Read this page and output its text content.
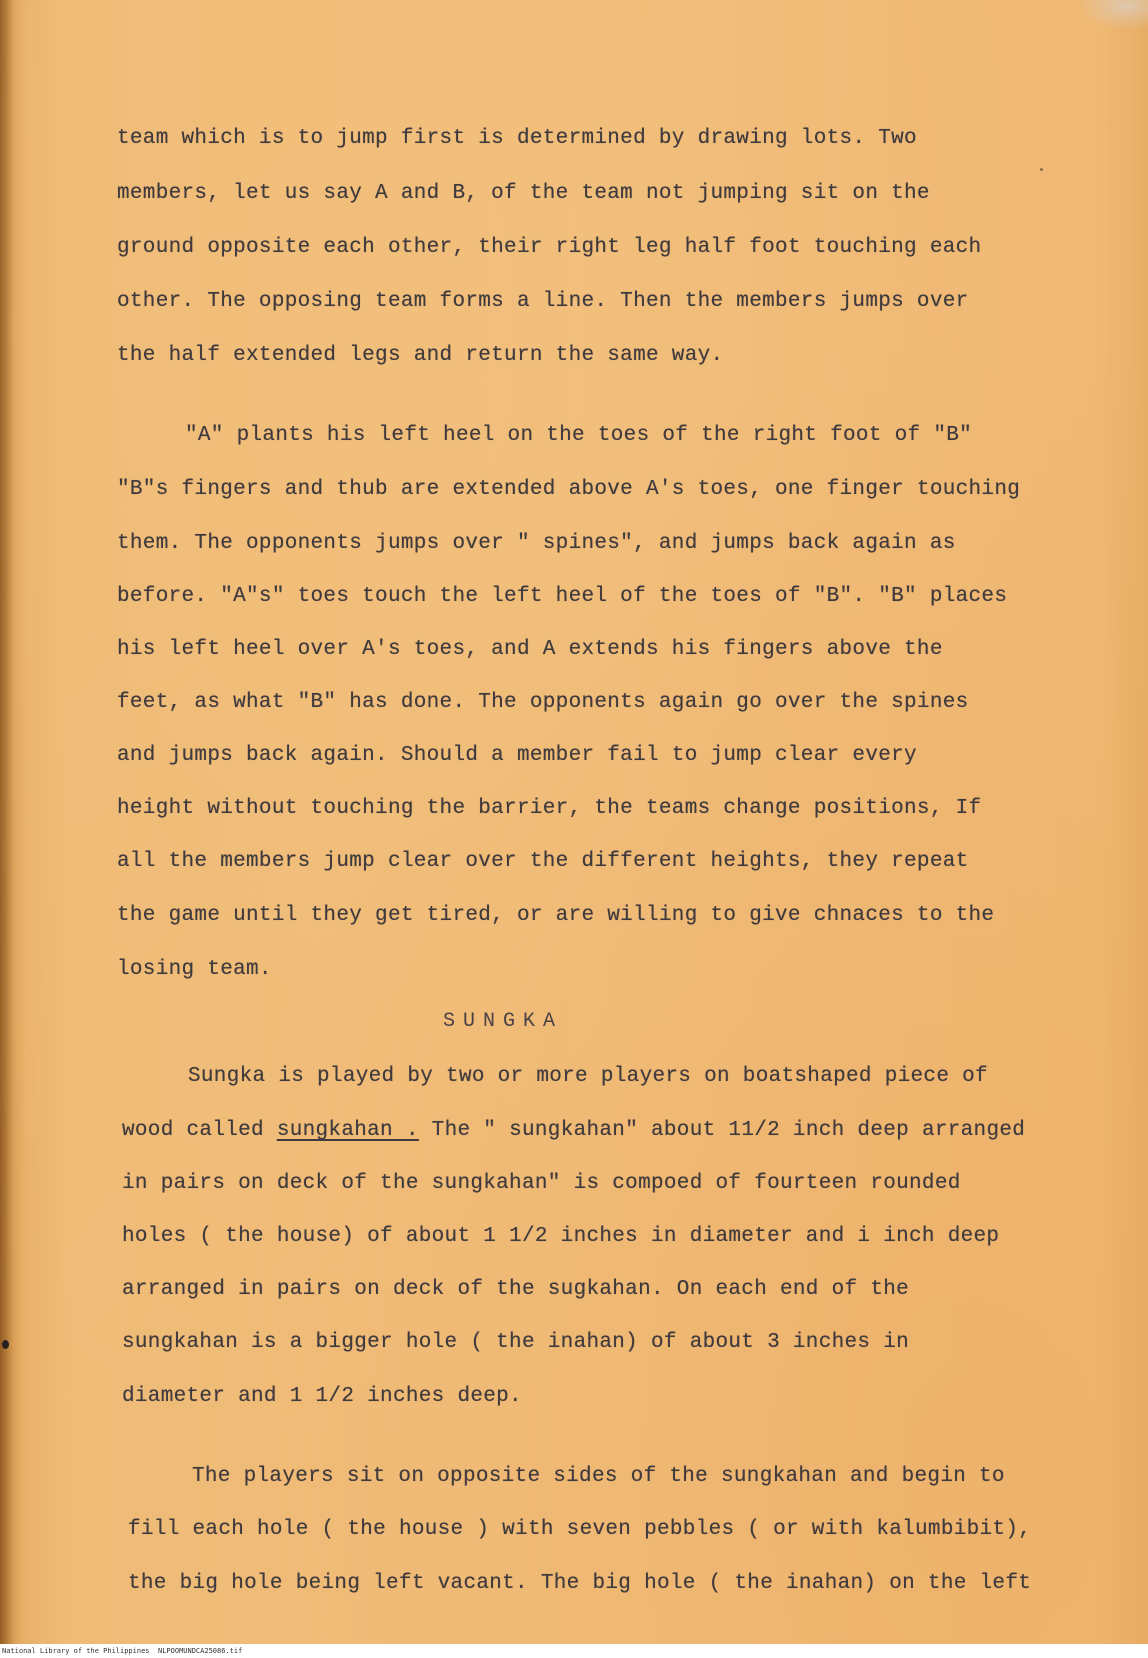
team which is to jump first is determined by drawing lots. Two
members, let us say A and B, of the team not jumping sit on the
ground opposite each other, their right leg half foot touching each
other. The opposing team forms a line. Then the members jumps over
the half extended legs and return the same way.
"A" plants his left heel on the toes of the right foot of "B"
"B"s fingers and thub are extended above A's toes, one finger touching
them. The opponents jumps over " spines", and jumps back again as
before. "A"s" toes touch the left heel of the toes of "B". "B" places
his left heel over A's toes, and A extends his fingers above the
feet, as what "B" has done. The opponents again go over the spines
and jumps back again. Should a member fail to jump clear every
height without touching the barrier, the teams change positions, If
all the members jump clear over the different heights, they repeat
the game until they get tired, or are willing to give chnaces to the
losing team.
SUNGKA
Sungka is played by two or more players on boatshaped piece of
wood called sungkahan . The " sungkahan" about 11/2 inch deep arranged
in pairs on deck of the sungkahan" is compoed of fourteen rounded
holes ( the house) of about 1 1/2 inches in diameter and i inch deep
arranged in pairs on deck of the sugkahan. On each end of the
sungkahan is a bigger hole ( the inahan) of about 3 inches in
diameter and 1 1/2 inches deep.
The players sit on opposite sides of the sungkahan and begin to
fill each hole ( the house ) with seven pebbles ( or with kalumbibit),
the big hole being left vacant. The big hole ( the inahan) on the left
National Library of the Philippines NLPOOMUNDCA25086.tif
